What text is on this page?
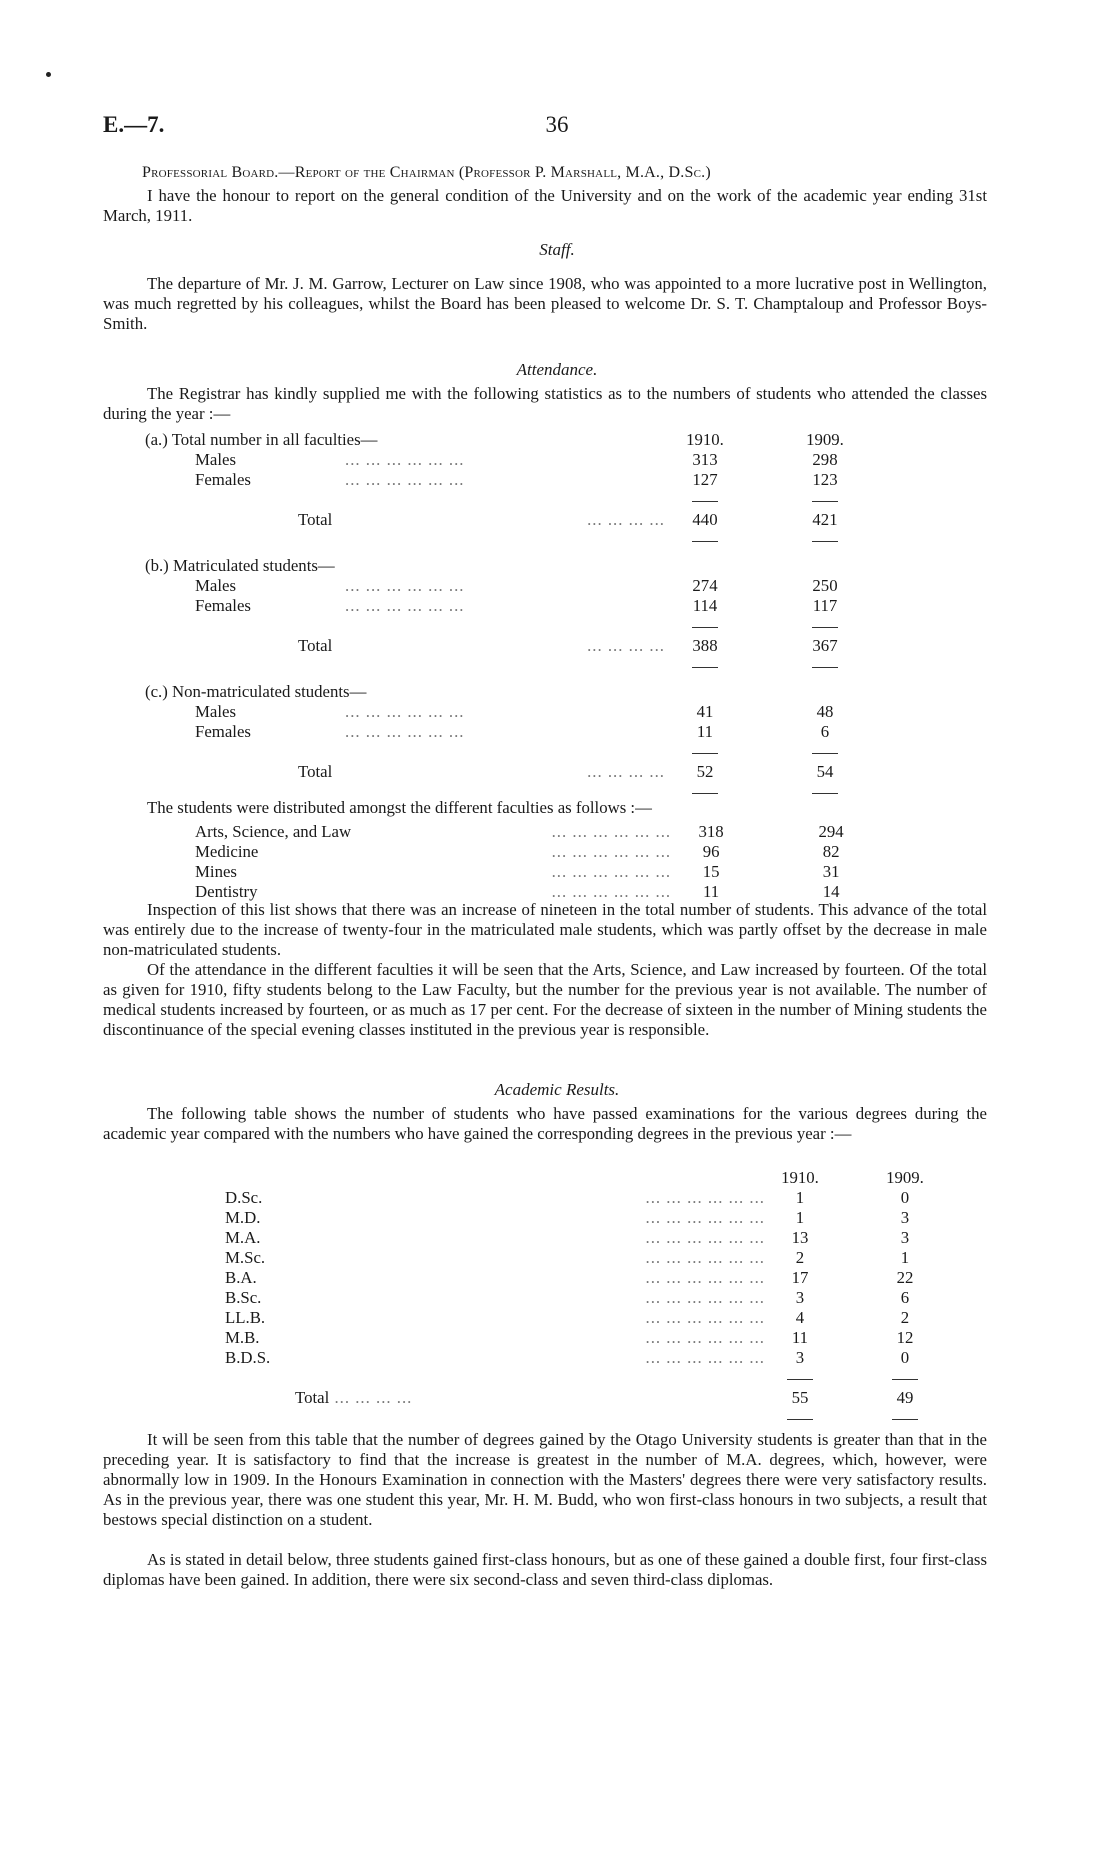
E.—7.	36
Professorial Board.—Report of the Chairman (Professor P. Marshall, M.A., D.Sc.)
I have the honour to report on the general condition of the University and on the work of the academic year ending 31st March, 1911.
Staff.
The departure of Mr. J. M. Garrow, Lecturer on Law since 1908, who was appointed to a more lucrative post in Wellington, was much regretted by his colleagues, whilst the Board has been pleased to welcome Dr. S. T. Champtaloup and Professor Boys-Smith.
Attendance.
The Registrar has kindly supplied me with the following statistics as to the numbers of students who attended the classes during the year :—
(a.) Total number in all faculties—		1910.		1909.
Males	... ... ... ... ... ...	313		298
Females	... ... ... ... ... ...	127		123

Total	... ... ... ...	440		421

(b.) Matriculated students—				
Males	... ... ... ... ... ...	274		250
Females	... ... ... ... ... ...	114		117

Total	... ... ... ...	388		367

(c.) Non-matriculated students—				
Males	... ... ... ... ... ...	41		48
Females	... ... ... ... ... ...	11		6

Total	... ... ... ...	52		54

The students were distributed amongst the different faculties as follows :—
Arts, Science, and Law	... ... ... ... ... ...	318		294
Medicine	... ... ... ... ... ...	96		82
Mines	... ... ... ... ... ...	15		31
Dentistry	... ... ... ... ... ...	11		14
Inspection of this list shows that there was an increase of nineteen in the total number of students. This advance of the total was entirely due to the increase of twenty-four in the matriculated male students, which was partly offset by the decrease in male non-matriculated students.
Of the attendance in the different faculties it will be seen that the Arts, Science, and Law increased by fourteen. Of the total as given for 1910, fifty students belong to the Law Faculty, but the number for the previous year is not available. The number of medical students increased by fourteen, or as much as 17 per cent. For the decrease of sixteen in the number of Mining students the discontinuance of the special evening classes instituted in the previous year is responsible.
Academic Results.
The following table shows the number of students who have passed examinations for the various degrees during the academic year compared with the numbers who have gained the corresponding degrees in the previous year :—
		1910.		1909.
D.Sc.	... ... ... ... ... ...	1		0
M.D.	... ... ... ... ... ...	1		3
M.A.	... ... ... ... ... ...	13		3
M.Sc.	... ... ... ... ... ...	2		1
B.A.	... ... ... ... ... ...	17		22
B.Sc.	... ... ... ... ... ...	3		6
LL.B.	... ... ... ... ... ...	4		2
M.B.	... ... ... ... ... ...	11		12
B.D.S.	... ... ... ... ... ...	3		0

	Total ... ... ... ...	55		49

It will be seen from this table that the number of degrees gained by the Otago University students is greater than that in the preceding year. It is satisfactory to find that the increase is greatest in the number of M.A. degrees, which, however, were abnormally low in 1909. In the Honours Examination in connection with the Masters' degrees there were very satisfactory results. As in the previous year, there was one student this year, Mr. H. M. Budd, who won first-class honours in two subjects, a result that bestows special distinction on a student.
As is stated in detail below, three students gained first-class honours, but as one of these gained a double first, four first-class diplomas have been gained. In addition, there were six second-class and seven third-class diplomas.
